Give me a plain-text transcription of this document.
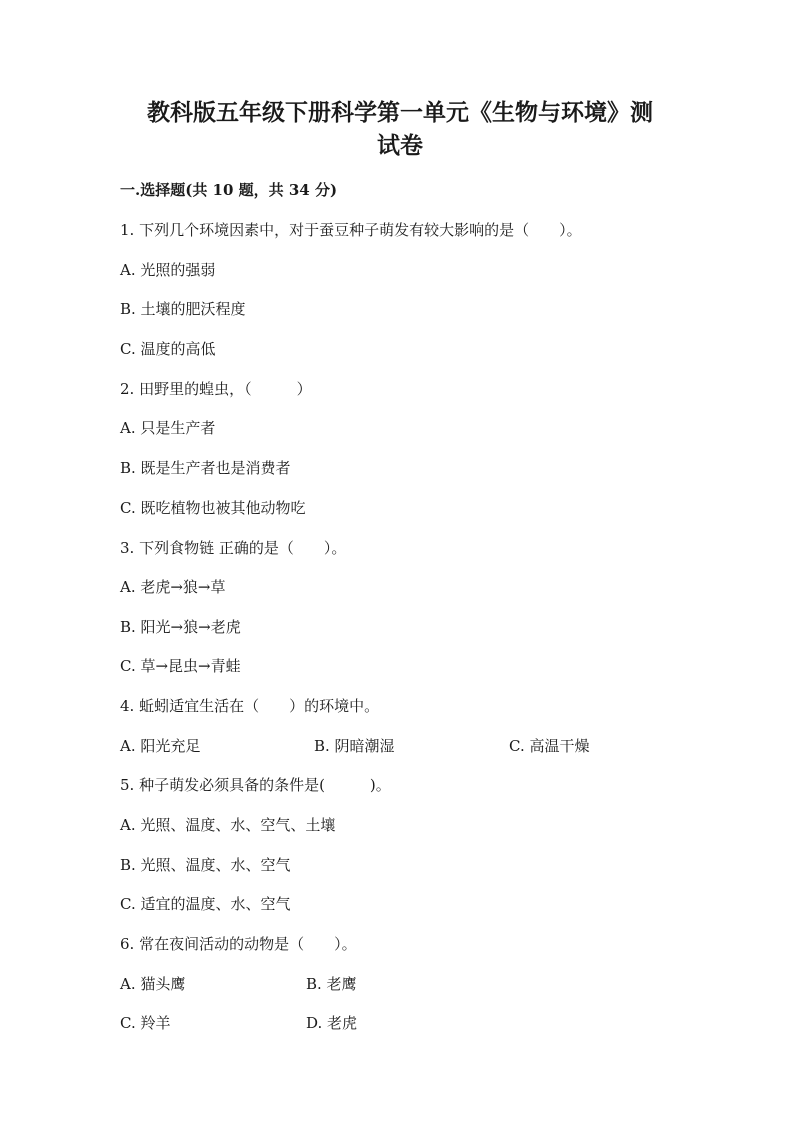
教科版五年级下册科学第一单元《生物与环境》测
试卷
一.选择题(共 10 题，共 34 分)
1. 下列几个环境因素中，对于蚕豆种子萌发有较大影响的是（　　）。
A. 光照的强弱
B. 土壤的肥沃程度
C. 温度的高低
2. 田野里的蝗虫，（　　　）
A. 只是生产者
B. 既是生产者也是消费者
C. 既吃植物也被其他动物吃
3. 下列食物链 正确的是（　　）。
A. 老虎→狼→草
B. 阳光→狼→老虎
C. 草→昆虫→青蛙
4. 蚯蚓适宜生活在（　　）的环境中。
A. 阳光充足	B. 阴暗潮湿	C. 高温干燥
5. 种子萌发必须具备的条件是(　　　)。
A. 光照、温度、水、空气、土壤
B. 光照、温度、水、空气
C. 适宜的温度、水、空气
6. 常在夜间活动的动物是（　　）。
A. 猫头鹰	B. 老鹰
C. 羚羊	D. 老虎
